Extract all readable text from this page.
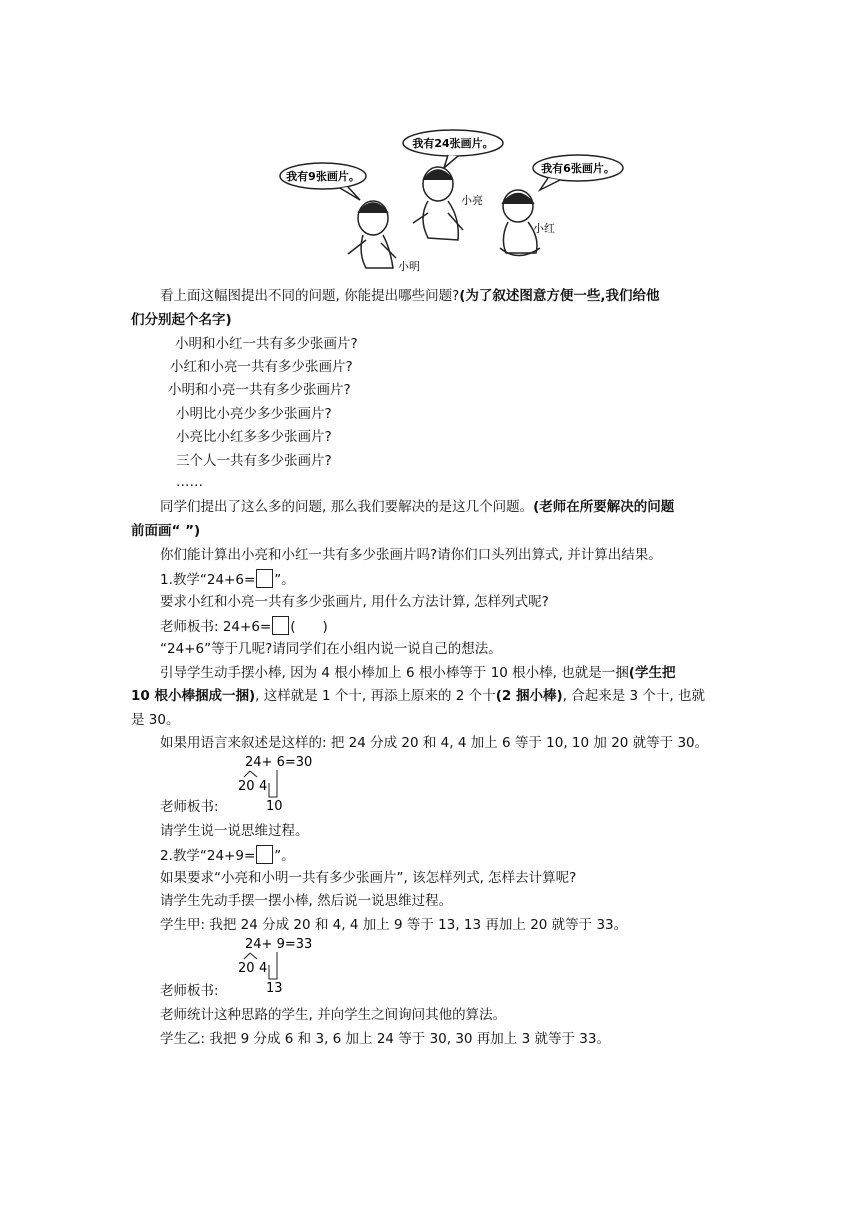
我有9张画片。
我有24张画片。
我有6张画片。
小明
小亮
小红
看上面这幅图提出不同的问题, 你能提出哪些问题?(为了叙述图意方便一些,我们给他
们分别起个名字)
小明和小红一共有多少张画片?
小红和小亮一共有多少张画片?
小明和小亮一共有多少张画片?
小明比小亮少多少张画片?
小亮比小红多多少张画片?
三个人一共有多少张画片?
……
同学们提出了这么多的问题, 那么我们要解决的是这几个问题。(老师在所要解决的问题
前面画“ ”)
你们能计算出小亮和小红一共有多少张画片吗?请你们口头列出算式, 并计算出结果。
1.教学“24+6= ”。
要求小红和小亮一共有多少张画片, 用什么方法计算, 怎样列式呢?
老师板书: 24+6= (　　)
“24+6”等于几呢?请同学们在小组内说一说自己的想法。
引导学生动手摆小棒, 因为 4 根小棒加上 6 根小棒等于 10 根小棒, 也就是一捆(学生把
10 根小棒捆成一捆), 这样就是 1 个十, 再添上原来的 2 个十(2 捆小棒), 合起来是 3 个十, 也就
是 30。
如果用语言来叙述是这样的: 把 24 分成 20 和 4, 4 加上 6 等于 10, 10 加 20 就等于 30。
24+ 6=30
20 4
10
老师板书:
请学生说一说思维过程。
2.教学“24+9= ”。
如果要求“小亮和小明一共有多少张画片”, 该怎样列式, 怎样去计算呢?
请学生先动手摆一摆小棒, 然后说一说思维过程。
学生甲: 我把 24 分成 20 和 4, 4 加上 9 等于 13, 13 再加上 20 就等于 33。
24+ 9=33
20 4
13
老师板书:
老师统计这种思路的学生, 并向学生之间询问其他的算法。
学生乙: 我把 9 分成 6 和 3, 6 加上 24 等于 30, 30 再加上 3 就等于 33。
